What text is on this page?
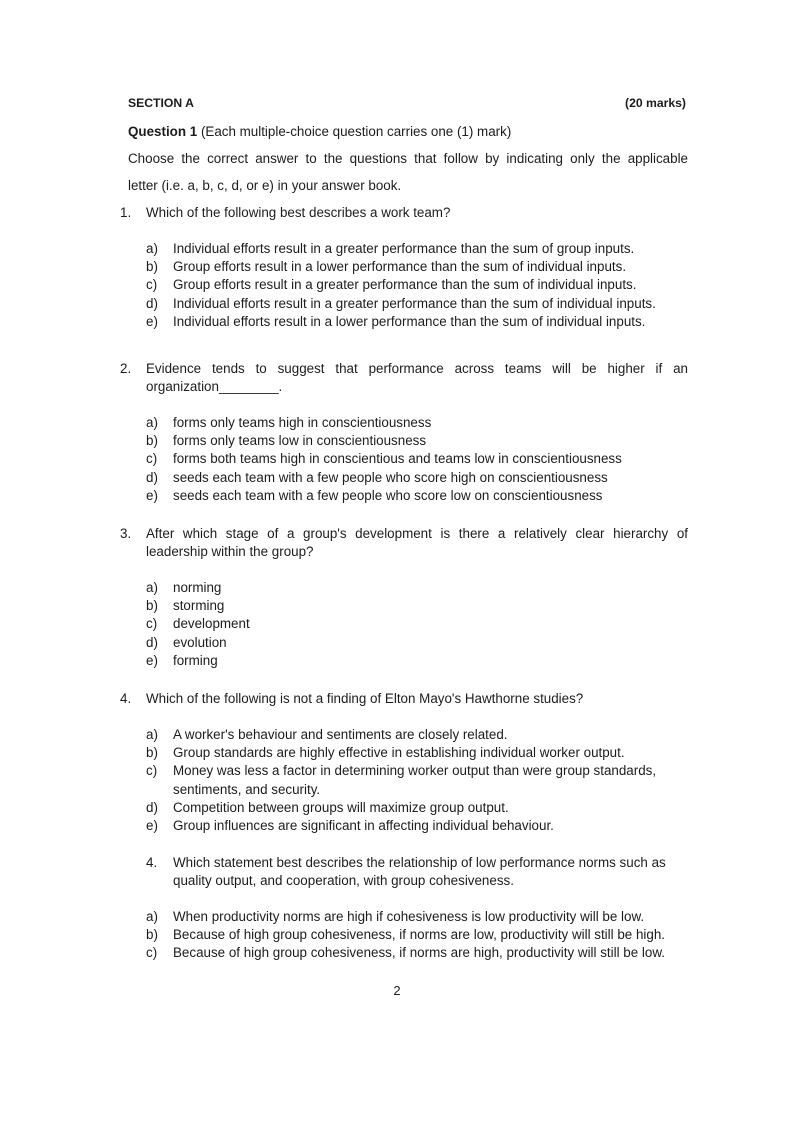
SECTION A	(20 marks)
Question 1 (Each multiple-choice question carries one (1) mark)
Choose the correct answer to the questions that follow by indicating only the applicable
letter (i.e. a, b, c, d, or e) in your answer book.
1.	Which of the following best describes a work team?
a)	Individual efforts result in a greater performance than the sum of group inputs.
b)	Group efforts result in a lower performance than the sum of individual inputs.
c)	Group efforts result in a greater performance than the sum of individual inputs.
d)	Individual efforts result in a greater performance than the sum of individual inputs.
e)	Individual efforts result in a lower performance than the sum of individual inputs.
2.	Evidence tends to suggest that performance across teams will be higher if an organization________.
a)	forms only teams high in conscientiousness
b)	forms only teams low in conscientiousness
c)	forms both teams high in conscientious and teams low in conscientiousness
d)	seeds each team with a few people who score high on conscientiousness
e)	seeds each team with a few people who score low on conscientiousness
3.	After which stage of a group's development is there a relatively clear hierarchy of leadership within the group?
a)	norming
b)	storming
c)	development
d)	evolution
e)	forming
4.	Which of the following is not a finding of Elton Mayo's Hawthorne studies?
a)	A worker's behaviour and sentiments are closely related.
b)	Group standards are highly effective in establishing individual worker output.
c)	Money was less a factor in determining worker output than were group standards, sentiments, and security.
d)	Competition between groups will maximize group output.
e)	Group influences are significant in affecting individual behaviour.
4.	Which statement best describes the relationship of low performance norms such as quality output, and cooperation, with group cohesiveness.
a)	When productivity norms are high if cohesiveness is low productivity will be low.
b)	Because of high group cohesiveness, if norms are low, productivity will still be high.
c)	Because of high group cohesiveness, if norms are high, productivity will still be low.
2
